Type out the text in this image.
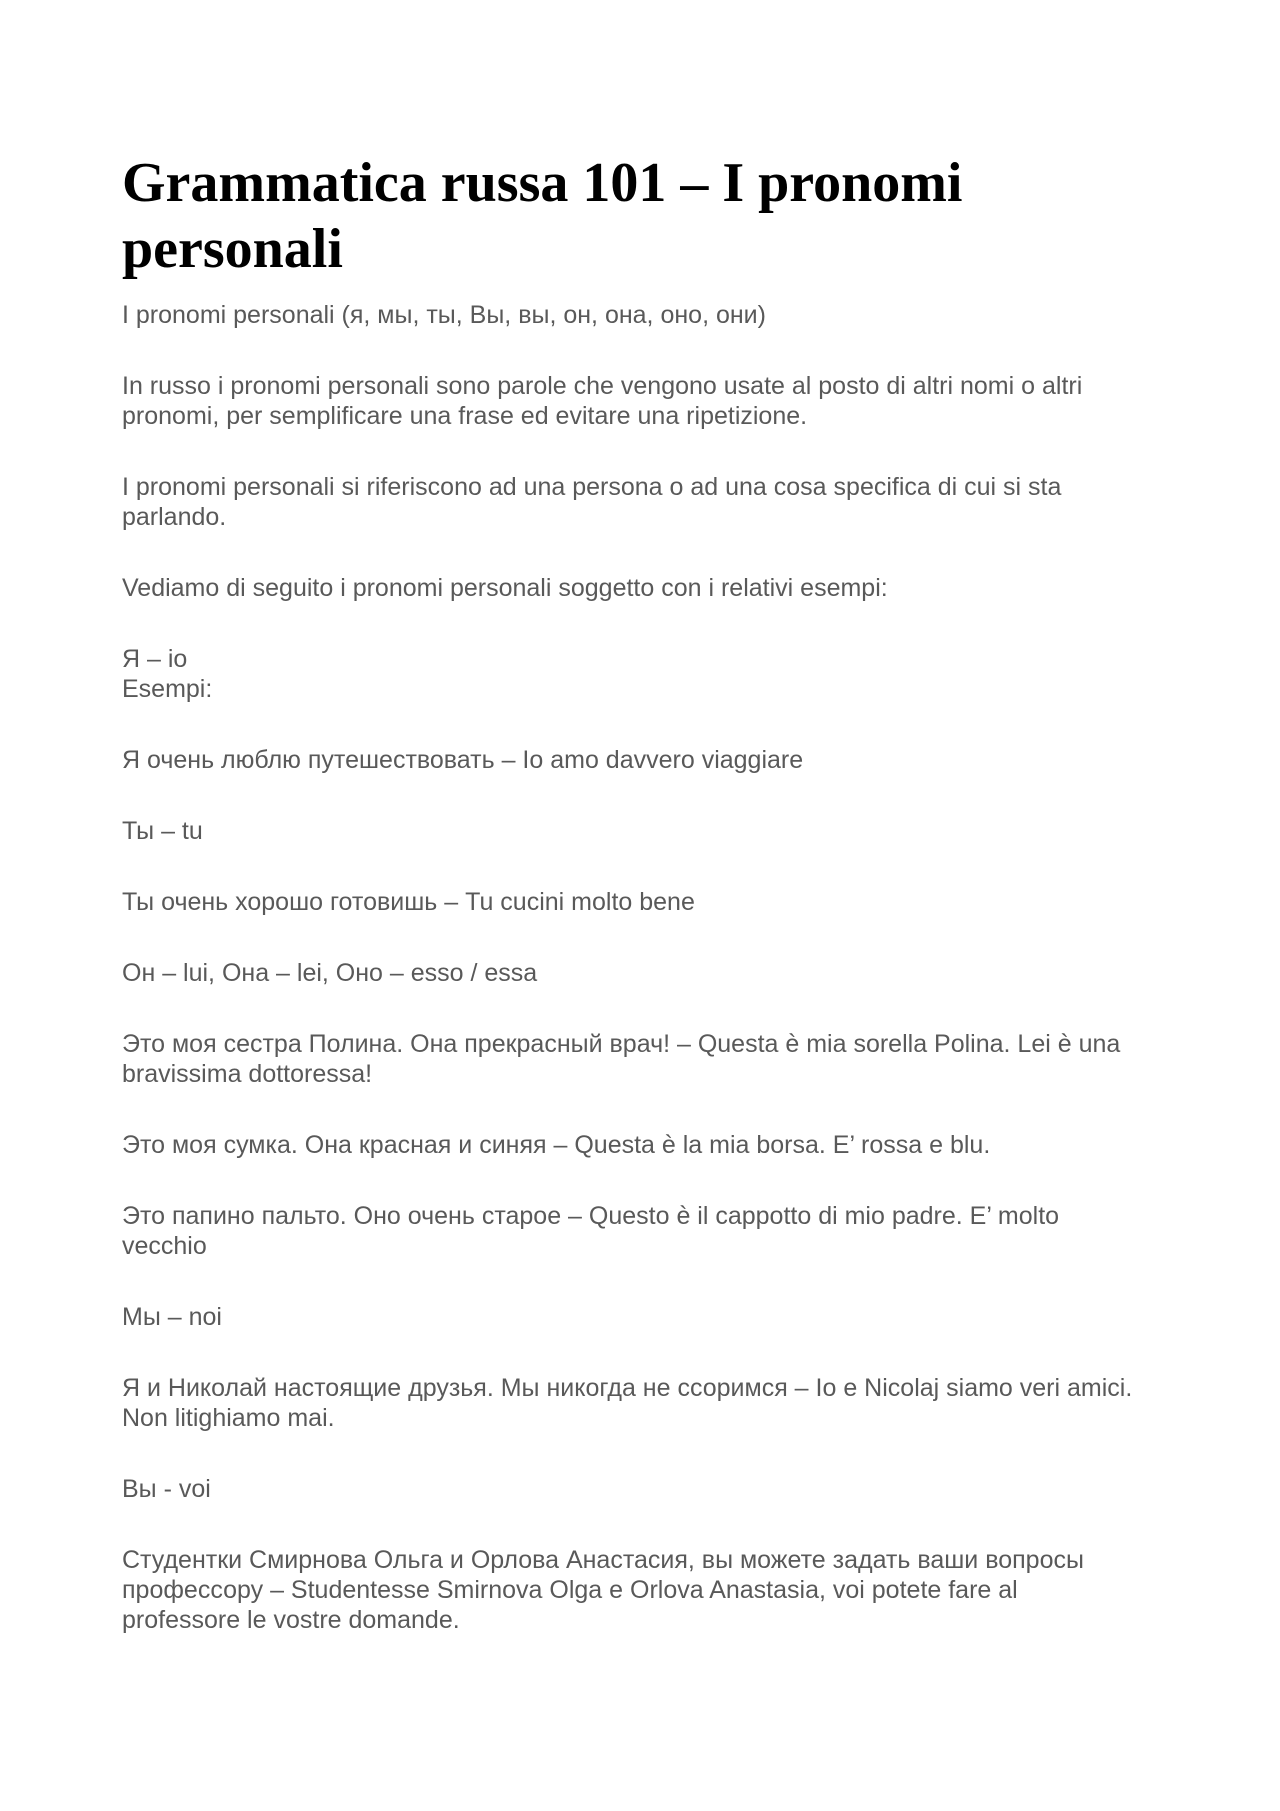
Grammatica russa 101 – I pronomi personali

I pronomi personali (я, мы, ты, Вы, вы, он, она, оно, они)

In russo i pronomi personali sono parole che vengono usate al posto di altri nomi o altri pronomi, per semplificare una frase ed evitare una ripetizione.

I pronomi personali si riferiscono ad una persona o ad una cosa specifica di cui si sta parlando.

Vediamo di seguito i pronomi personali soggetto con i relativi esempi:

Я – io
Esempi:

Я очень люблю путешествовать – Io amo davvero viaggiare

Ты – tu

Ты очень хорошо готовишь – Tu cucini molto bene

Он – lui, Она – lei, Оно – esso / essa

Это моя сестра Полина. Она прекрасный врач! – Questa è mia sorella Polina. Lei è una bravissima dottoressa!

Это моя сумка. Она красная и синяя – Questa è la mia borsa. E’ rossa e blu.

Это папино пальто. Оно очень старое – Questo è il cappotto di mio padre. E’ molto vecchio

Мы – noi

Я и Николай настоящие друзья. Мы никогда не ссоримся – Io e Nicolaj siamo veri amici. Non litighiamo mai.

Вы - voi

Студентки Смирнова Ольга и Орлова Анастасия, вы можете задать ваши вопросы профессору – Studentesse Smirnova Olga e Orlova Anastasia, voi potete fare al professore le vostre domande.
